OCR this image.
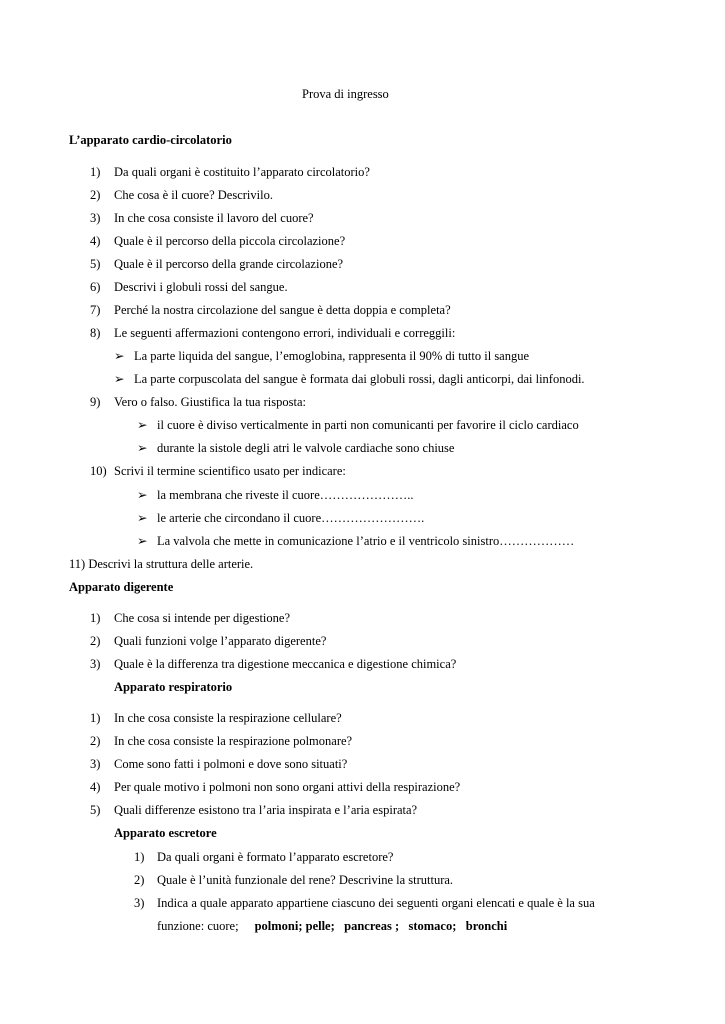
Prova di ingresso
L’apparato cardio-circolatorio
1) Da quali organi è costituito l’apparato circolatorio?
2) Che cosa è il cuore? Descrivilo.
3) In che cosa consiste il lavoro del cuore?
4) Quale è il percorso della piccola circolazione?
5) Quale è il percorso della grande circolazione?
6) Descrivi i globuli rossi del sangue.
7) Perché la nostra circolazione del sangue è detta doppia e completa?
8) Le seguenti affermazioni contengono errori, individuali e correggili:
➢ La parte liquida del sangue, l’emoglobina, rappresenta il 90% di tutto il sangue
➢ La parte corpuscolata del sangue è formata dai globuli rossi, dagli anticorpi, dai linfonodi.
9) Vero o falso. Giustifica la tua risposta:
➢ il cuore è diviso verticalmente in parti non comunicanti per favorire il ciclo cardiaco
➢ durante la sistole degli atri le valvole cardiache sono chiuse
10) Scrivi il termine scientifico usato per indicare:
➢ la membrana che riveste il cuore…………………..
➢ le arterie che circondano il cuore…………………….
➢ La valvola che mette in comunicazione l’atrio e il ventricolo sinistro………………
11) Descrivi la struttura delle arterie.
Apparato digerente
1) Che cosa si intende per digestione?
2) Quali funzioni volge l’apparato digerente?
3) Quale è la differenza tra digestione meccanica e digestione chimica?
Apparato respiratorio
1) In che cosa consiste la respirazione cellulare?
2) In che cosa consiste la respirazione polmonare?
3) Come sono fatti i polmoni e dove sono situati?
4) Per quale motivo i polmoni non sono organi attivi della respirazione?
5) Quali differenze esistono tra l’aria inspirata e l’aria espirata?
Apparato escretore
1) Da quali organi è formato l’apparato escretore?
2) Quale è l’unità funzionale del rene? Descrivine la struttura.
3) Indica a quale apparato appartiene ciascuno dei seguenti organi elencati e quale è la sua
funzione: cuore; polmoni; pelle;   pancreas ;   stomaco;   bronchi
